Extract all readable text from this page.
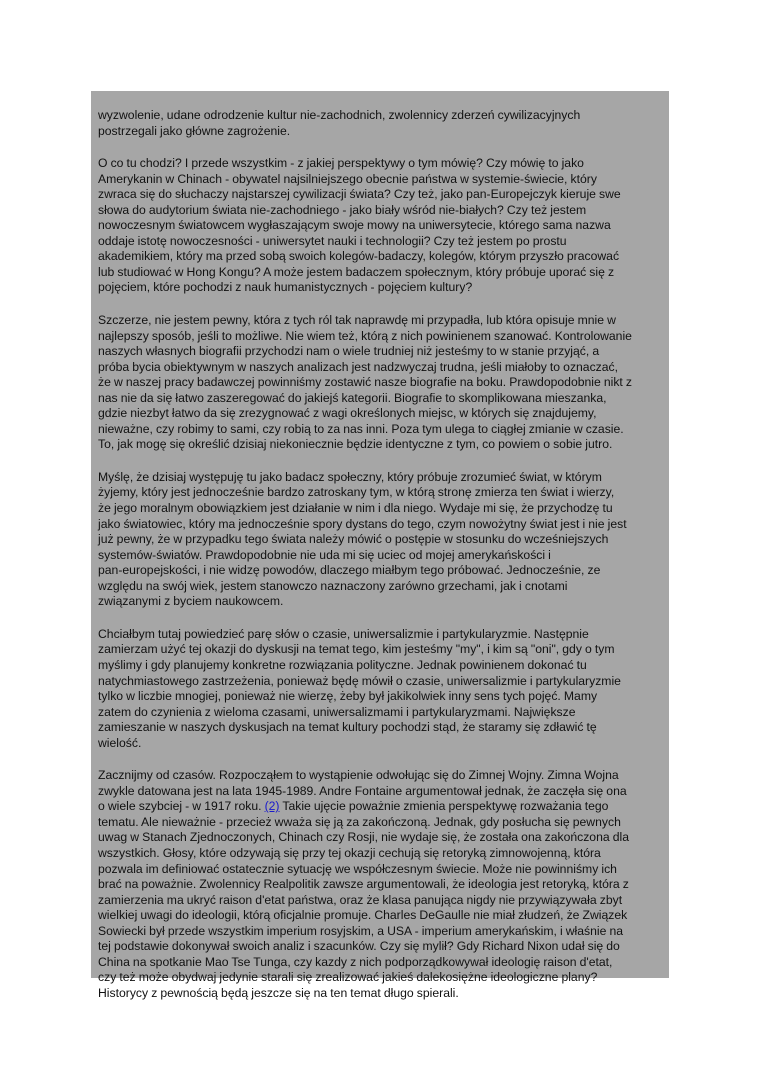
wyzwolenie, udane odrodzenie kultur nie-zachodnich, zwolennicy zderzeń cywilizacyjnych
postrzegali jako główne zagrożenie.

O co tu chodzi? I przede wszystkim - z jakiej perspektywy o tym mówię? Czy mówię to jako
Amerykanin w Chinach - obywatel najsilniejszego obecnie państwa w systemie-świecie, który
zwraca się do słuchaczy najstarszej cywilizacji świata? Czy też, jako pan-Europejczyk kieruje swe
słowa do audytorium świata nie-zachodniego - jako biały wśród nie-białych? Czy też jestem
nowoczesnym światowcem wygłaszającym swoje mowy na uniwersytecie, którego sama nazwa
oddaje istotę nowoczesności - uniwersytet nauki i technologii? Czy też jestem po prostu
akademikiem, który ma przed sobą swoich kolegów-badaczy, kolegów, którym przyszło pracować
lub studiować w Hong Kongu? A może jestem badaczem społecznym, który próbuje uporać się z
pojęciem, które pochodzi z nauk humanistycznych - pojęciem kultury?

Szczerze, nie jestem pewny, która z tych ról tak naprawdę mi przypadła, lub która opisuje mnie w
najlepszy sposób, jeśli to możliwe. Nie wiem też, którą z nich powinienem szanować. Kontrolowanie
naszych własnych biografii przychodzi nam o wiele trudniej niż jesteśmy to w stanie przyjąć, a
próba bycia obiektywnym w naszych analizach jest nadzwyczaj trudna, jeśli miałoby to oznaczać,
że w naszej pracy badawczej powinniśmy zostawić nasze biografie na boku. Prawdopodobnie nikt z
nas nie da się łatwo zaszeregować do jakiejś kategorii. Biografie to skomplikowana mieszanka,
gdzie niezbyt łatwo da się zrezygnować z wagi określonych miejsc, w których się znajdujemy,
nieważne, czy robimy to sami, czy robią to za nas inni. Poza tym ulega to ciągłej zmianie w czasie.
To, jak mogę się określić dzisiaj niekoniecznie będzie identyczne z tym, co powiem o sobie jutro.

Myślę, że dzisiaj występuję tu jako badacz społeczny, który próbuje zrozumieć świat, w którym
żyjemy, który jest jednocześnie bardzo zatroskany tym, w którą stronę zmierza ten świat i wierzy,
że jego moralnym obowiązkiem jest działanie w nim i dla niego. Wydaje mi się, że przychodzę tu
jako światowiec, który ma jednocześnie spory dystans do tego, czym nowożytny świat jest i nie jest
już pewny, że w przypadku tego świata należy mówić o postępie w stosunku do wcześniejszych
systemów-światów. Prawdopodobnie nie uda mi się uciec od mojej amerykańskości i
pan-europejskości, i nie widzę powodów, dlaczego miałbym tego próbować. Jednocześnie, ze
względu na swój wiek, jestem stanowczo naznaczony zarówno grzechami, jak i cnotami
związanymi z byciem naukowcem.

Chciałbym tutaj powiedzieć parę słów o czasie, uniwersalizmie i partykularyzmie. Następnie
zamierzam użyć tej okazji do dyskusji na temat tego, kim jesteśmy "my", i kim są "oni", gdy o tym
myślimy i gdy planujemy konkretne rozwiązania polityczne. Jednak powinienem dokonać tu
natychmiastowego zastrzeżenia, ponieważ będę mówił o czasie, uniwersalizmie i partykularyzmie
tylko w liczbie mnogiej, ponieważ nie wierzę, żeby był jakikolwiek inny sens tych pojęć. Mamy
zatem do czynienia z wieloma czasami, uniwersalizmami i partykularyzmami. Największe
zamieszanie w naszych dyskusjach na temat kultury pochodzi stąd, że staramy się zdławić tę
wielość.

Zacznijmy od czasów. Rozpocząłem to wystąpienie odwołując się do Zimnej Wojny. Zimna Wojna
zwykle datowana jest na lata 1945-1989. Andre Fontaine argumentował jednak, że zaczęła się ona
o wiele szybciej - w 1917 roku. (2) Takie ujęcie poważnie zmienia perspektywę rozważania tego
tematu. Ale nieważnie - przecież wważa się ją za zakończoną. Jednak, gdy posłucha się pewnych
uwag w Stanach Zjednoczonych, Chinach czy Rosji, nie wydaje się, że została ona zakończona dla
wszystkich. Głosy, które odzywają się przy tej okazji cechują się retoryką zimnowojenną, która
pozwala im definiować ostatecznie sytuację we współczesnym świecie. Może nie powinniśmy ich
brać na poważnie. Zwolennicy Realpolitik zawsze argumentowali, że ideologia jest retoryką, która z
zamierzenia ma ukryć raison d'etat państwa, oraz że klasa panująca nigdy nie przywiązywała zbyt
wielkiej uwagi do ideologii, którą oficjalnie promuje. Charles DeGaulle nie miał złudzeń, że Związek
Sowiecki był przede wszystkim imperium rosyjskim, a USA - imperium amerykańskim, i właśnie na
tej podstawie dokonywał swoich analiz i szacunków. Czy się mylił? Gdy Richard Nixon udał się do
China na spotkanie Mao Tse Tunga, czy kazdy z nich podporządkowywał ideologię raison d'etat,
czy też może obydwaj jedynie starali się zrealizować jakieś dalekosiężne ideologiczne plany?
Historycy z pewnością będą jeszcze się na ten temat długo spierali.
